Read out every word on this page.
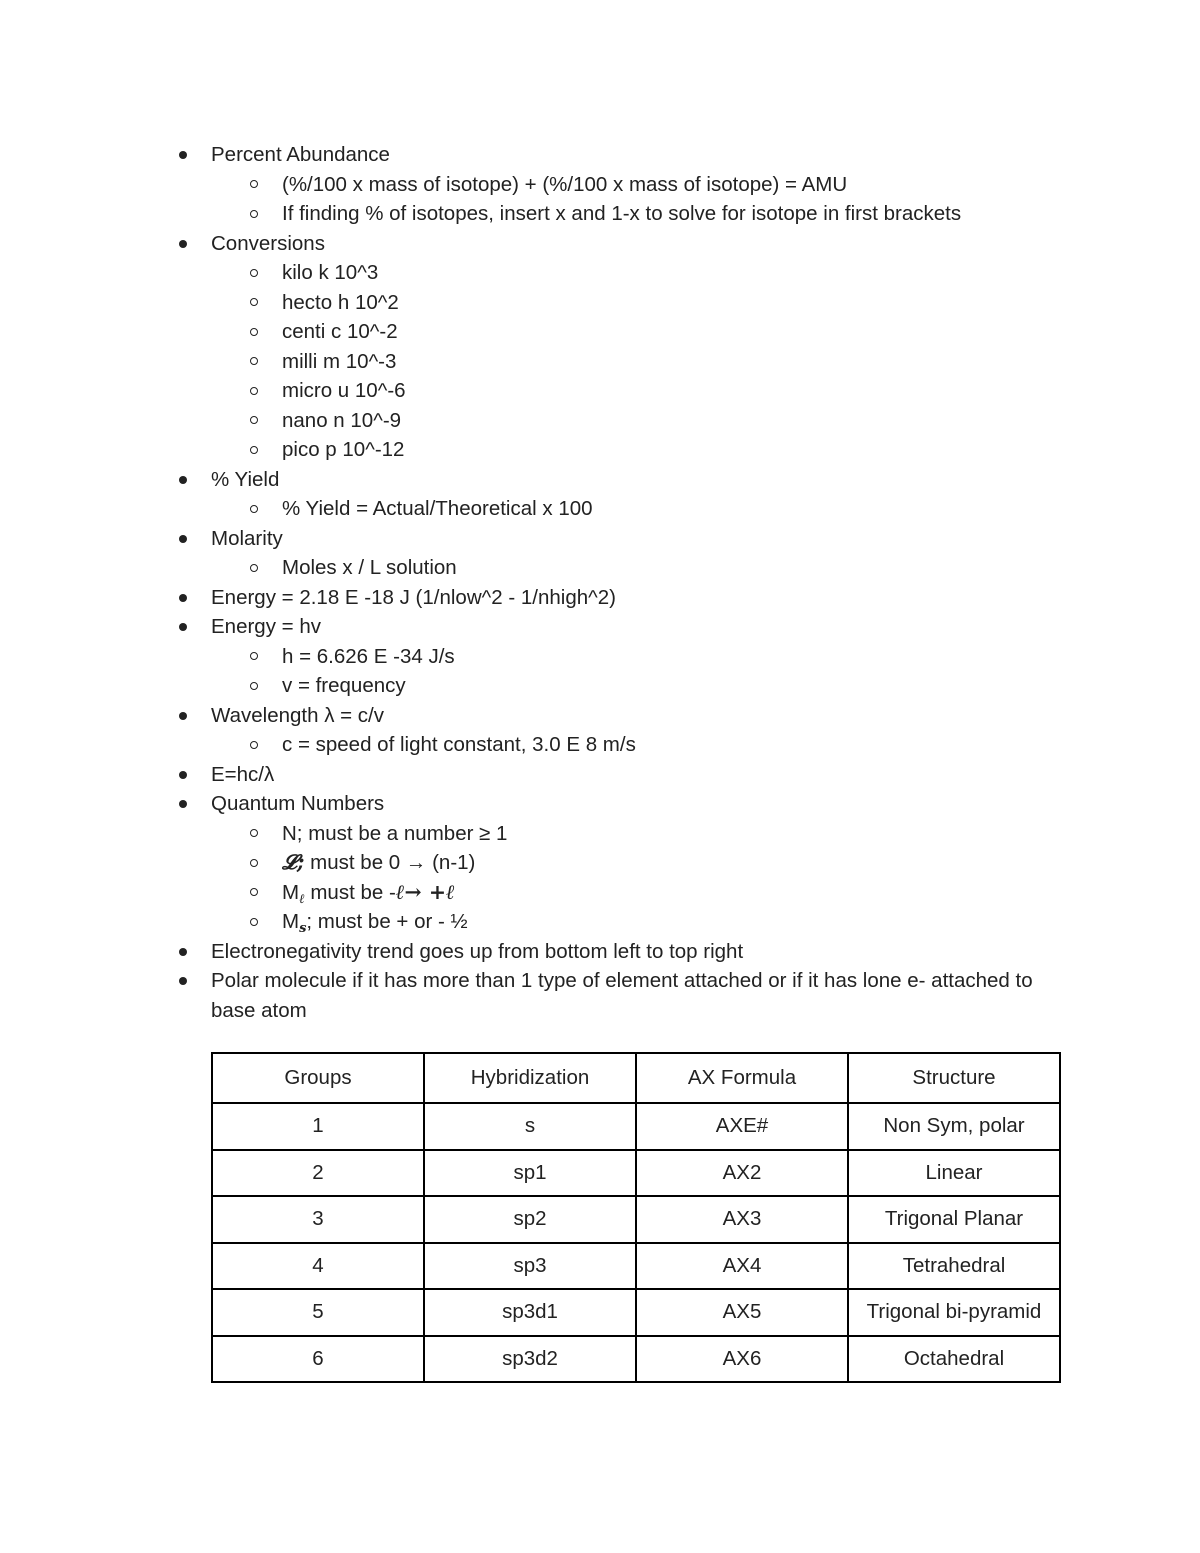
Percent Abundance
(%/100 x mass of isotope) + (%/100 x mass of isotope) = AMU
If finding % of isotopes, insert x and 1-x to solve for isotope in first brackets
Conversions
kilo k 10^3
hecto h 10^2
centi c 10^-2
milli m 10^-3
micro u 10^-6
nano n 10^-9
pico p 10^-12
% Yield
% Yield = Actual/Theoretical x 100
Molarity
Moles x / L solution
Energy = 2.18 E -18 J (1/nlow^2 - 1/nhigh^2)
Energy = hv
h = 6.626 E -34 J/s
v = frequency
Wavelength λ = c/v
c = speed of light constant, 3.0 E 8 m/s
E=hc/λ
Quantum Numbers
N; must be a number ≥ 1
𝓛; must be 0 → (n-1)
$M_\ell$ must be -ℓ→ +ℓ
$M_s$; must be + or - ½
Electronegativity trend goes up from bottom left to top right
Polar molecule if it has more than 1 type of element attached or if it has lone e- attached to base atom
Groups	Hybridization	AX Formula	Structure
1	s	AXE#	Non Sym, polar
2	sp1	AX2	Linear
3	sp2	AX3	Trigonal Planar
4	sp3	AX4	Tetrahedral
5	sp3d1	AX5	Trigonal bi-pyramid
6	sp3d2	AX6	Octahedral
